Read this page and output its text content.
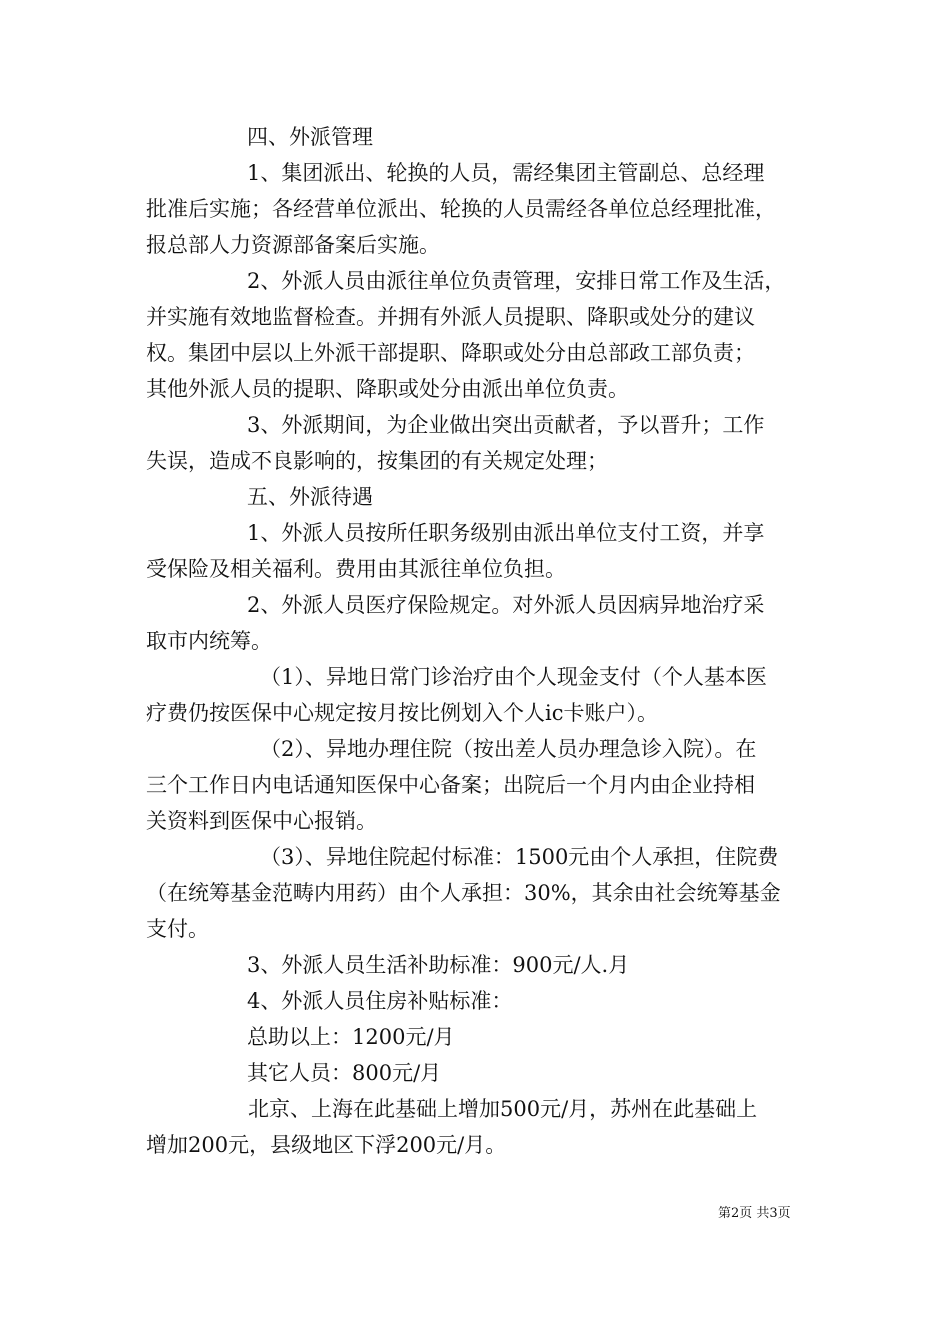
四、外派管理
1、集团派出、轮换的人员，需经集团主管副总、总经理
批准后实施；各经营单位派出、轮换的人员需经各单位总经理批准，
报总部人力资源部备案后实施。
2、外派人员由派往单位负责管理，安排日常工作及生活，
并实施有效地监督检查。并拥有外派人员提职、降职或处分的建议
权。集团中层以上外派干部提职、降职或处分由总部政工部负责；
其他外派人员的提职、降职或处分由派出单位负责。
3、外派期间，为企业做出突出贡献者，予以晋升；工作
失误，造成不良影响的，按集团的有关规定处理；
五、外派待遇
1、外派人员按所任职务级别由派出单位支付工资，并享
受保险及相关福利。费用由其派往单位负担。
2、外派人员医疗保险规定。对外派人员因病异地治疗采
取市内统筹。
（1）、异地日常门诊治疗由个人现金支付（个人基本医
疗费仍按医保中心规定按月按比例划入个人ic卡账户）。
（2）、异地办理住院（按出差人员办理急诊入院）。在
三个工作日内电话通知医保中心备案；出院后一个月内由企业持相
关资料到医保中心报销。
（3）、异地住院起付标准：1500元由个人承担，住院费
（在统筹基金范畴内用药）由个人承担：30%，其余由社会统筹基金
支付。
3、外派人员生活补助标准：900元/人.月
4、外派人员住房补贴标准：
总助以上：1200元/月
其它人员：800元/月
北京、上海在此基础上增加500元/月，苏州在此基础上
增加200元，县级地区下浮200元/月。
第2页 共3页
